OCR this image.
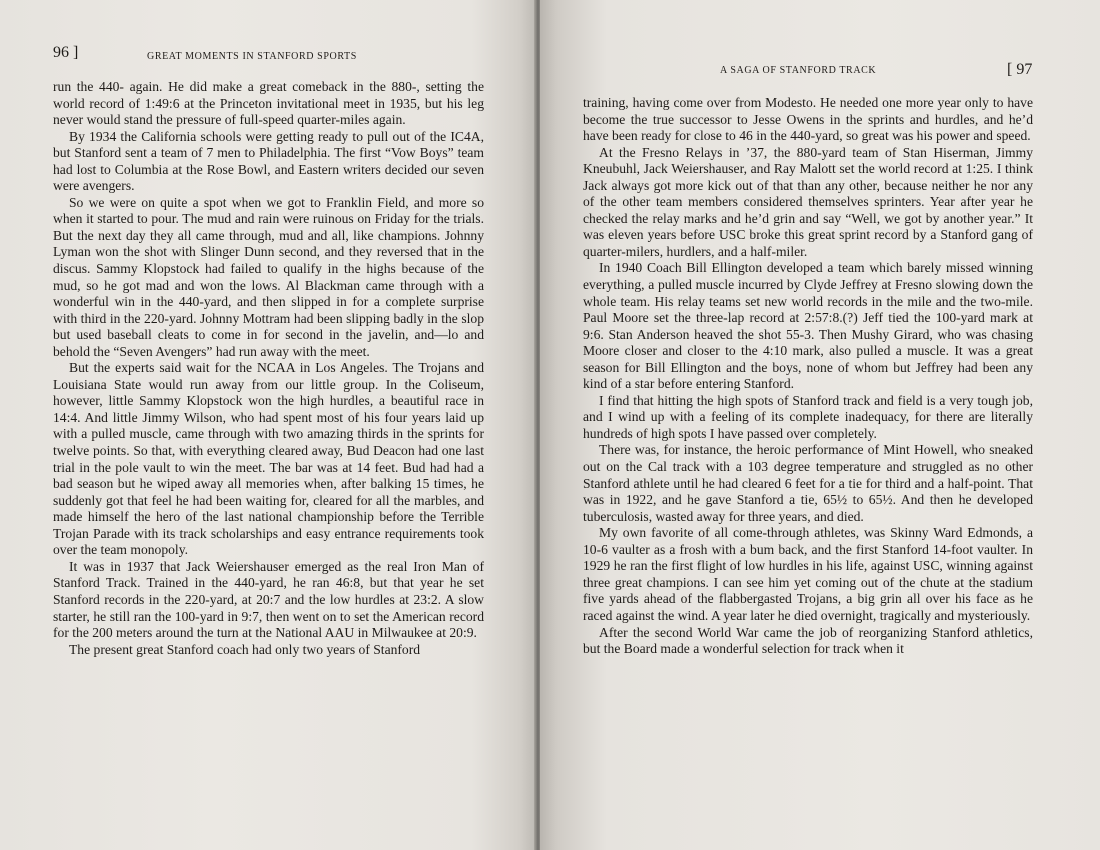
96 ]	GREAT MOMENTS IN STANFORD SPORTS

run the 440- again. He did make a great comeback in the 880-, setting the world record of 1:49:6 at the Princeton invitational meet in 1935, but his leg never would stand the pressure of full-speed quarter-miles again.

By 1934 the California schools were getting ready to pull out of the IC4A, but Stanford sent a team of 7 men to Philadelphia. The first “Vow Boys” team had lost to Columbia at the Rose Bowl, and Eastern writers decided our seven were avengers.

So we were on quite a spot when we got to Franklin Field, and more so when it started to pour. The mud and rain were ruinous on Friday for the trials. But the next day they all came through, mud and all, like champions. Johnny Lyman won the shot with Slinger Dunn second, and they reversed that in the discus. Sammy Klopstock had failed to qualify in the highs because of the mud, so he got mad and won the lows. Al Blackman came through with a wonderful win in the 440-yard, and then slipped in for a complete surprise with third in the 220-yard. Johnny Mottram had been slipping badly in the slop but used baseball cleats to come in for second in the javelin, and—lo and behold the “Seven Avengers” had run away with the meet.

But the experts said wait for the NCAA in Los Angeles. The Trojans and Louisiana State would run away from our little group. In the Coliseum, however, little Sammy Klopstock won the high hurdles, a beautiful race in 14:4. And little Jimmy Wilson, who had spent most of his four years laid up with a pulled muscle, came through with two amazing thirds in the sprints for twelve points. So that, with everything cleared away, Bud Deacon had one last trial in the pole vault to win the meet. The bar was at 14 feet. Bud had had a bad season but he wiped away all memories when, after balking 15 times, he suddenly got that feel he had been waiting for, cleared for all the marbles, and made himself the hero of the last national championship before the Terrible Trojan Parade with its track scholarships and easy entrance requirements took over the team monopoly.

It was in 1937 that Jack Weiershauser emerged as the real Iron Man of Stanford Track. Trained in the 440-yard, he ran 46:8, but that year he set Stanford records in the 220-yard, at 20:7 and the low hurdles at 23:2. A slow starter, he still ran the 100-yard in 9:7, then went on to set the American record for the 200 meters around the turn at the National AAU in Milwaukee at 20:9.

The present great Stanford coach had only two years of Stanford

A SAGA OF STANFORD TRACK	[ 97

training, having come over from Modesto. He needed one more year only to have become the true successor to Jesse Owens in the sprints and hurdles, and he’d have been ready for close to 46 in the 440-yard, so great was his power and speed.

At the Fresno Relays in ’37, the 880-yard team of Stan Hiserman, Jimmy Kneubuhl, Jack Weiershauser, and Ray Malott set the world record at 1:25. I think Jack always got more kick out of that than any other, because neither he nor any of the other team members considered themselves sprinters. Year after year he checked the relay marks and he’d grin and say “Well, we got by another year.” It was eleven years before USC broke this great sprint record by a Stanford gang of quarter-milers, hurdlers, and a half-miler.

In 1940 Coach Bill Ellington developed a team which barely missed winning everything, a pulled muscle incurred by Clyde Jeffrey at Fresno slowing down the whole team. His relay teams set new world records in the mile and the two-mile. Paul Moore set the three-lap record at 2:57:8.(?) Jeff tied the 100-yard mark at 9:6. Stan Anderson heaved the shot 55-3. Then Mushy Girard, who was chasing Moore closer and closer to the 4:10 mark, also pulled a muscle. It was a great season for Bill Ellington and the boys, none of whom but Jeffrey had been any kind of a star before entering Stanford.

I find that hitting the high spots of Stanford track and field is a very tough job, and I wind up with a feeling of its complete inadequacy, for there are literally hundreds of high spots I have passed over completely.

There was, for instance, the heroic performance of Mint Howell, who sneaked out on the Cal track with a 103 degree temperature and struggled as no other Stanford athlete until he had cleared 6 feet for a tie for third and a half-point. That was in 1922, and he gave Stanford a tie, 65½ to 65½. And then he developed tuberculosis, wasted away for three years, and died.

My own favorite of all come-through athletes, was Skinny Ward Edmonds, a 10-6 vaulter as a frosh with a bum back, and the first Stanford 14-foot vaulter. In 1929 he ran the first flight of low hurdles in his life, against USC, winning against three great champions. I can see him yet coming out of the chute at the stadium five yards ahead of the flabbergasted Trojans, a big grin all over his face as he raced against the wind. A year later he died overnight, tragically and mysteriously.

After the second World War came the job of reorganizing Stanford athletics, but the Board made a wonderful selection for track when it
